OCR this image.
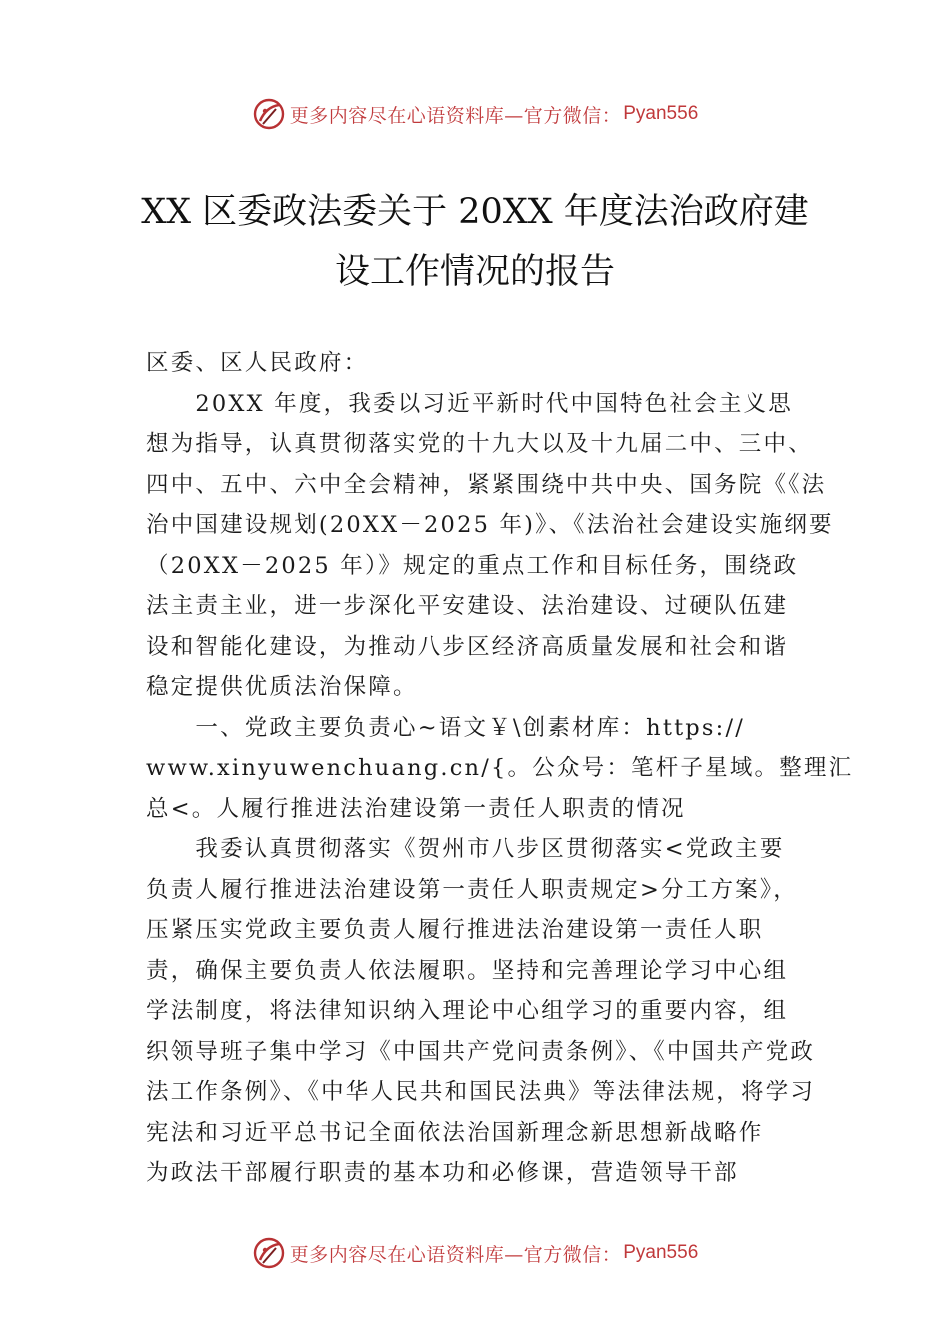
更多内容尽在心语资料库—官方微信： Pyan556
XX 区委政法委关于 20XX 年度法治政府建
设工作情况的报告
区委、区人民政府：
　　20XX 年度，我委以习近平新时代中国特色社会主义思
想为指导，认真贯彻落实党的十九大以及十九届二中、三中、
四中、五中、六中全会精神，紧紧围绕中共中央、国务院《《法
治中国建设规划(20XX－2025 年)》、《法治社会建设实施纲要
（20XX－2025 年）》规定的重点工作和目标任务，围绕政
法主责主业，进一步深化平安建设、法治建设、过硬队伍建
设和智能化建设，为推动八步区经济高质量发展和社会和谐
稳定提供优质法治保障。
　　一、党政主要负责心~语文￥\创素材库：https://
www.xinyuwenchuang.cn/{。公众号：笔杆子星域。整理汇
总<。人履行推进法治建设第一责任人职责的情况
　　我委认真贯彻落实《贺州市八步区贯彻落实<党政主要
负责人履行推进法治建设第一责任人职责规定>分工方案》，
压紧压实党政主要负责人履行推进法治建设第一责任人职
责，确保主要负责人依法履职。坚持和完善理论学习中心组
学法制度，将法律知识纳入理论中心组学习的重要内容，组
织领导班子集中学习《中国共产党问责条例》、《中国共产党政
法工作条例》、《中华人民共和国民法典》等法律法规，将学习
宪法和习近平总书记全面依法治国新理念新思想新战略作
为政法干部履行职责的基本功和必修课，营造领导干部
更多内容尽在心语资料库—官方微信： Pyan556
